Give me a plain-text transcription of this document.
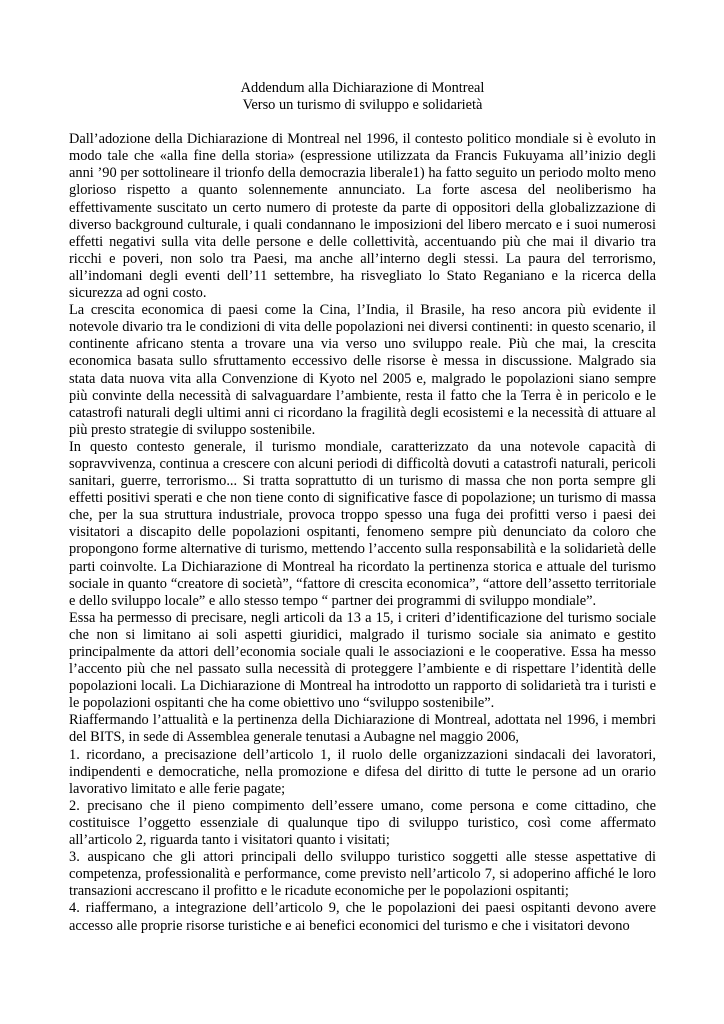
Addendum alla Dichiarazione di Montreal
Verso un turismo di sviluppo e solidarietà

Dall’adozione della Dichiarazione di Montreal nel 1996, il contesto politico mondiale si è evoluto in modo tale che «alla fine della storia» (espressione utilizzata da Francis Fukuyama all’inizio degli anni ’90 per sottolineare il trionfo della democrazia liberale1) ha fatto seguito un periodo molto meno glorioso rispetto a quanto solennemente annunciato. La forte ascesa del neoliberismo ha effettivamente suscitato un certo numero di proteste da parte di oppositori della globalizzazione di diverso background culturale, i quali condannano le imposizioni del libero mercato e i suoi numerosi effetti negativi sulla vita delle persone e delle collettività, accentuando più che mai il divario tra ricchi e poveri, non solo tra Paesi, ma anche all’interno degli stessi. La paura del terrorismo, all’indomani degli eventi dell’11 settembre, ha risvegliato lo Stato Reganiano e la ricerca della sicurezza ad ogni costo.

La crescita economica di paesi come la Cina, l’India, il Brasile, ha reso ancora più evidente il notevole divario tra le condizioni di vita delle popolazioni nei diversi continenti: in questo scenario, il continente africano stenta a trovare una via verso uno sviluppo reale. Più che mai, la crescita economica basata sullo sfruttamento eccessivo delle risorse è messa in discussione. Malgrado sia stata data nuova vita alla Convenzione di Kyoto nel 2005 e, malgrado le popolazioni siano sempre più convinte della necessità di salvaguardare l’ambiente, resta il fatto che la Terra è in pericolo e le catastrofi naturali degli ultimi anni ci ricordano la fragilità degli ecosistemi e la necessità di attuare al più presto strategie di sviluppo sostenibile.

In questo contesto generale, il turismo mondiale, caratterizzato da una notevole capacità di sopravvivenza, continua a crescere con alcuni periodi di difficoltà dovuti a catastrofi naturali, pericoli sanitari, guerre, terrorismo... Si tratta soprattutto di un turismo di massa che non porta sempre gli effetti positivi sperati e che non tiene conto di significative fasce di popolazione; un turismo di massa che, per la sua struttura industriale, provoca troppo spesso una fuga dei profitti verso i paesi dei visitatori a discapito delle popolazioni ospitanti, fenomeno sempre più denunciato da coloro che propongono forme alternative di turismo, mettendo l’accento sulla responsabilità e la solidarietà delle parti coinvolte. La Dichiarazione di Montreal ha ricordato la pertinenza storica e attuale del turismo sociale in quanto “creatore di società”, “fattore di crescita economica”, “attore dell’assetto territoriale e dello sviluppo locale” e allo stesso tempo “ partner dei programmi di sviluppo mondiale”.

Essa ha permesso di precisare, negli articoli da 13 a 15, i criteri d’identificazione del turismo sociale che non si limitano ai soli aspetti giuridici, malgrado il turismo sociale sia animato e gestito principalmente da attori dell’economia sociale quali le associazioni e le cooperative. Essa ha messo l’accento più che nel passato sulla necessità di proteggere l’ambiente e di rispettare l’identità delle popolazioni locali. La Dichiarazione di Montreal ha introdotto un rapporto di solidarietà tra i turisti e le popolazioni ospitanti che ha come obiettivo uno “sviluppo sostenibile”.

Riaffermando l’attualità e la pertinenza della Dichiarazione di Montreal, adottata nel 1996, i membri del BITS, in sede di Assemblea generale tenutasi a Aubagne nel maggio 2006,

1. ricordano, a precisazione dell’articolo 1, il ruolo delle organizzazioni sindacali dei lavoratori, indipendenti e democratiche, nella promozione e difesa del diritto di tutte le persone ad un orario lavorativo limitato e alle ferie pagate;

2. precisano che il pieno compimento dell’essere umano, come persona e come cittadino, che costituisce l’oggetto essenziale di qualunque tipo di sviluppo turistico, così come affermato all’articolo 2, riguarda tanto i visitatori quanto i visitati;

3. auspicano che gli attori principali dello sviluppo turistico soggetti alle stesse aspettative di competenza, professionalità e performance, come previsto nell’articolo 7, si adoperino affiché le loro transazioni accrescano il profitto e le ricadute economiche per le popolazioni ospitanti;

4. riaffermano, a integrazione dell’articolo 9, che le popolazioni dei paesi ospitanti devono avere accesso alle proprie risorse turistiche e ai benefici economici del turismo e che i visitatori devono
